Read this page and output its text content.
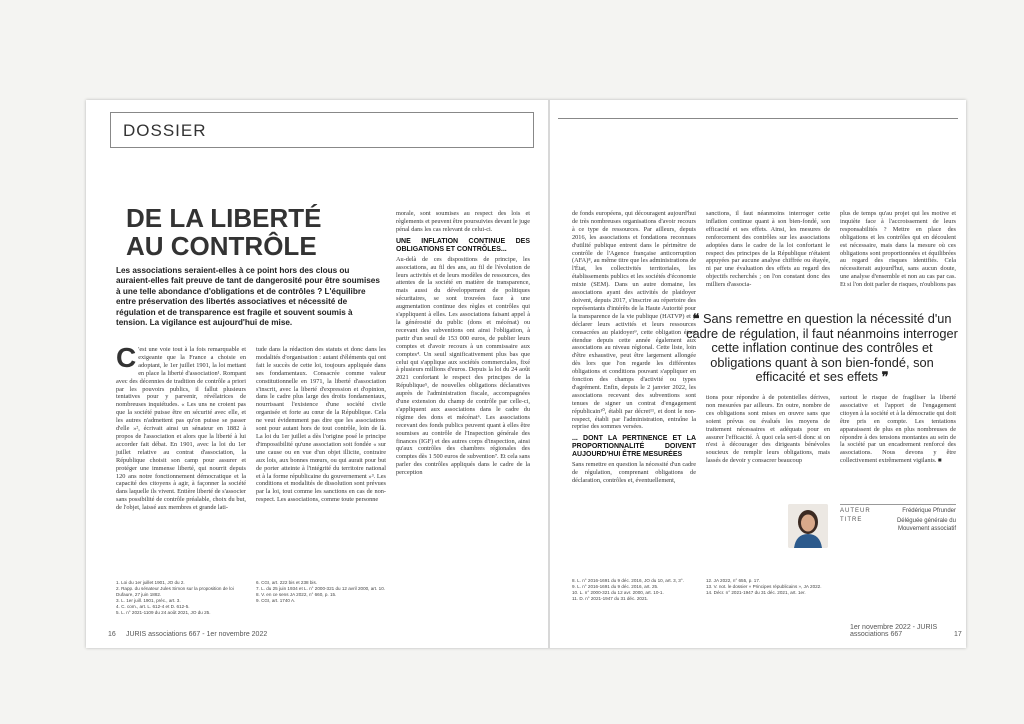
DOSSIER
DE LA LIBERTÉ
AU CONTRÔLE
Les associations seraient-elles à ce point hors des clous ou auraient-elles fait preuve de tant de dangerosité pour être soumises à une telle abondance d'obligations et de contrôles ? L'équilibre entre préservation des libertés associatives et nécessité de régulation et de transparence est fragile et souvent soumis à tension. La vigilance est aujourd'hui de mise.
C 'est une voie tout à la fois remarquable et exigeante que la France a choisie en adoptant, le 1er juillet 1901, la loi mettant en place la liberté d'association¹. Rompant avec des décennies de tradition de contrôle a priori par les pouvoirs publics, il fallut plusieurs tentatives pour y parvenir, révélatrices de nombreuses inquiétudes. « Les uns ne croient pas que la société puisse être en sécurité avec elle, et les autres n'admettent pas qu'on puisse se passer d'elle »², écrivait ainsi un sénateur en 1882 à propos de l'association et alors que la liberté à lui accorder fait débat. En 1901, avec la loi du 1er juillet relative au contrat d'association, la République choisit son camp pour assurer et protéger une immense liberté, qui nourrit depuis 120 ans notre fonctionnement démocratique et la capacité des citoyens à agir, à façonner la société dans laquelle ils vivent. Entière liberté de s'associer sans possibilité de contrôle préalable, choix du but, de l'objet, laissé aux membres et grande lati-
tude dans la rédaction des statuts et donc dans les modalités d'organisation : autant d'éléments qui ont fait le succès de cette loi, toujours appliquée dans ses fondamentaux. Consacrée comme valeur constitutionnelle en 1971, la liberté d'association s'inscrit, avec la liberté d'expression et d'opinion, dans le cadre plus large des droits fondamentaux, nourrissant l'existence d'une société civile organisée et forte au cœur de la République. Cela ne veut évidemment pas dire que les associations sont pour autant hors de tout contrôle, loin de là. La loi du 1er juillet a dès l'origine posé le principe d'impossibilité qu'une association soit fondée « sur une cause ou en vue d'un objet illicite, contraire aux lois, aux bonnes mœurs, ou qui aurait pour but de porter atteinte à l'intégrité du territoire national et à la forme républicaine du gouvernement »³. Les conditions et modalités de dissolution sont prévues par la loi, tout comme les sanctions en cas de non-respect. Les associations, comme toute personne
morale, sont soumises au respect des lois et règlements et peuvent être poursuivies devant le juge pénal dans les cas relevant de celui-ci.
UNE INFLATION CONTINUE DES OBLIGATIONS ET CONTRÔLES...
Au-delà de ces dispositions de principe, les associations, au fil des ans, au fil de l'évolution de leurs activités et de leurs modèles de ressources, des attentes de la société en matière de transparence, mais aussi du développement de politiques sécuritaires, se sont trouvées face à une augmentation continue des règles et contrôles qui s'appliquent à elles. Les associations faisant appel à la générosité du public (dons et mécénat) ou recevant des subventions ont ainsi l'obligation, à partir d'un seuil de 153 000 euros, de publier leurs comptes et d'avoir recours à un commissaire aux comptes⁴. Un seuil significativement plus bas que celui qui s'applique aux sociétés commerciales, fixé à plusieurs millions d'euros. Depuis la loi du 24 août 2021 confortant le respect des principes de la République⁵, de nouvelles obligations déclaratives auprès de l'administration fiscale, accompagnées d'une extension du champ de contrôle par celle-ci, s'appliquent aux associations dans le cadre du régime des dons et mécénat⁶. Les associations recevant des fonds publics peuvent quant à elles être soumises au contrôle de l'Inspection générale des finances (IGF) et des autres corps d'inspection, ainsi qu'aux contrôles des chambres régionales des comptes dès 1 500 euros de subvention⁷. Et cela sans parler des contrôles appliqués dans le cadre de la perception
1. Loi du 1er juillet 1901, JO du 2.
2. Rapp. du sénateur Jules Simon sur la proposition de loi Dufaure, 27 juin 1882.
3. L. 1er juill. 1901, préc., art. 3.
4. C. com., art. L. 612-4 et D. 612-5.
5. L. n° 2021-1109 du 24 août 2021, JO du 25.
6. CGI, art. 222 bis et 238 bis.
7. L. du 25 juin 1934 et L. n° 2000-321 du 12 avril 2000, art. 10.
8. V. en ce sens JA 2022, n° 660, p. 15.
9. CGI, art. 1740 A.
16 JURIS associations 667 - 1er novembre 2022
de fonds européens, qui découragent aujourd'hui de très nombreuses organisations d'avoir recours à ce type de ressources. Par ailleurs, depuis 2016, les associations et fondations reconnues d'utilité publique entrent dans le périmètre de contrôle de l'Agence française anticorruption (AFA)⁸, au même titre que les administrations de l'État, les collectivités territoriales, les établissements publics et les sociétés d'économie mixte (SEM). Dans un autre domaine, les associations ayant des activités de plaidoyer doivent, depuis 2017, s'inscrire au répertoire des représentants d'intérêts de la Haute Autorité pour la transparence de la vie publique (HATVP) et y déclarer leurs activités et leurs ressources consacrées au plaidoyer⁹, cette obligation étant étendue depuis cette année également aux associations au niveau régional. Cette liste, loin d'être exhaustive, peut être largement allongée dès lors que l'on regarde les différentes obligations et conditions pouvant s'appliquer en fonction des champs d'activité ou types d'agrément. Enfin, depuis le 2 janvier 2022, les associations recevant des subventions sont tenues de signer un contrat d'engagement républicain¹⁰, établi par décret¹¹, et dont le non-respect, établi par l'administration, entraîne la reprise des sommes versées.
... DONT LA PERTINENCE ET LA PROPORTIONNALITÉ DOIVENT AUJOURD'HUI ÊTRE MESURÉES
Sans remettre en question la nécessité d'un cadre de régulation, comprenant obligations de déclaration, contrôles et, éventuellement,
sanctions, il faut néanmoins interroger cette inflation continue quant à son bien-fondé, son efficacité et ses effets. Ainsi, les mesures de renforcement des contrôles sur les associations adoptées dans le cadre de la loi confortant le respect des principes de la République n'étaient appuyées par aucune analyse chiffrée ou étayée, ni par une évaluation des effets au regard des objectifs recherchés ; on l'on constant donc des milliers d'associa-
plus de temps qu'au projet qui les motive et inquiète face à l'accroissement de leurs responsabilités ? Mettre en place des obligations et les contrôles qui en découlent est nécessaire, mais dans la mesure où ces obligations sont proportionnées et équilibrées au regard des risques identifiés. Cela nécessiterait aujourd'hui, sans aucun doute, une analyse d'ensemble et non au cas par cas. Et si l'on doit parler de risques, n'oublions pas
❝ Sans remettre en question la nécessité d'un cadre de régulation, il faut néanmoins interroger cette inflation continue des contrôles et obligations quant à son bien-fondé, son efficacité et ses effets ❞
tions pour répondre à de potentielles dérives, non mesurées par ailleurs. En outre, nombre de ces obligations sont mises en œuvre sans que soient prévus ou évalués les moyens de traitement nécessaires et adéquats pour en assurer l'efficacité. À quoi cela sert-il donc si on n'est à décourager des dirigeants bénévoles soucieux de remplir leurs obligations, mais lassés de devoir y consacrer beaucoup
surtout le risque de fragiliser la liberté associative et l'apport de l'engagement citoyen à la société et à la démocratie qui doit être pris en compte. Les tentations apparaissent de plus en plus nombreuses de répondre à des tensions montantes au sein de la société par un encadrement renforcé des associations. Nous devons y être collectivement extrêmement vigilants. ■
AUTEUR	Frédérique Pfrunder
TITRE	Déléguée générale du Mouvement associatif
8. L. n° 2016-1691 du 9 déc. 2016, JO du 10, art. 3, 3°.
9. L. n° 2016-1691 du 9 déc. 2016, art. 25.
10. L. n° 2000-321 du 12 avr. 2000, art. 10-1.
11. D. n° 2021-1947 du 31 déc. 2021.
12. JA 2022, n° 655, p. 17.
13. V. not. le dossier « Principes républicains », JA 2022.
14. Décr. n° 2021-1947 du 31 déc. 2021, art. 1er.
1er novembre 2022 - JURIS associations 667	17
